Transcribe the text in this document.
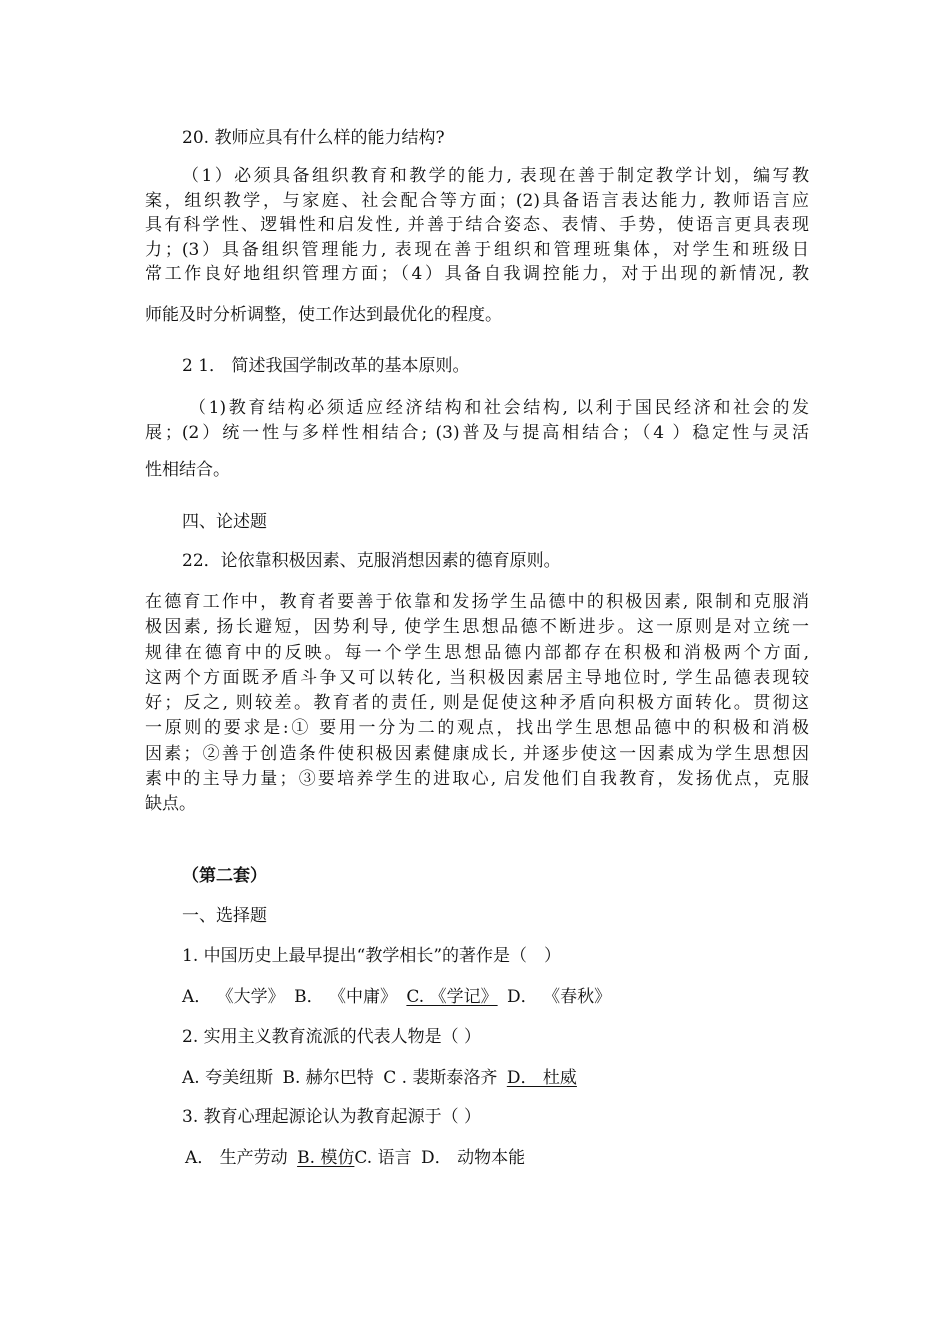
20. 教师应具有什么样的能力结构?

（1）必须具备组织教育和教学的能力, 表现在善于制定教学计划，编写教
案，组织教学，与家庭、社会配合等方面；(2)具备语言表达能力, 教师语言应
具有科学性、逻辑性和启发性, 并善于结合姿态、表情、手势，使语言更具表现
力；(3）具备组织管理能力, 表现在善于组织和管理班集体，对学生和班级日
常工作良好地组织管理方面；（4）具备自我调控能力，对于出现的新情况, 教

师能及时分析调整，使工作达到最优化的程度。

2 1． 简述我国学制改革的基本原则。

（1)教育结构必须适应经济结构和社会结构, 以利于国民经济和社会的发
展；(2）统一性与多样性相结合; (3)普及与提高相结合；（4 ）稳定性与灵活

性相结合。

四、论述题

22．论依靠积极因素、克服消想因素的德育原则。

在德育工作中，教育者要善于依靠和发扬学生品德中的积极因素, 限制和克服消
极因素, 扬长避短，因势利导, 使学生思想品德不断进步。这一原则是对立统一
规律在德育中的反映。每一个学生思想品德内部都存在积极和消极两个方面,
这两个方面既矛盾斗争又可以转化, 当积极因素居主导地位时, 学生品德表现较
好；反之, 则较差。教育者的责任, 则是促使这种矛盾向积极方面转化。贯彻这
一原则的要求是:① 要用一分为二的观点，找出学生思想品德中的积极和消极
因素；②善于创造条件使积极因素健康成长, 并逐步使这一因素成为学生思想因
素中的主导力量；③要培养学生的进取心, 启发他们自我教育，发扬优点，克服
缺点。

（第二套）

一、选择题

1. 中国历史上最早提出“教学相长”的著作是（　）

A． 《大学》 B． 《中庸》 C. 《学记》 D． 《春秋》

2. 实用主义教育流派的代表人物是（ ）

A. 夸美纽斯 B. 赫尔巴特 C . 裴斯泰洛齐 D． 杜威

3. 教育心理起源论认为教育起源于（ ）

A． 生产劳动 B. 模仿C. 语言 D． 动物本能
